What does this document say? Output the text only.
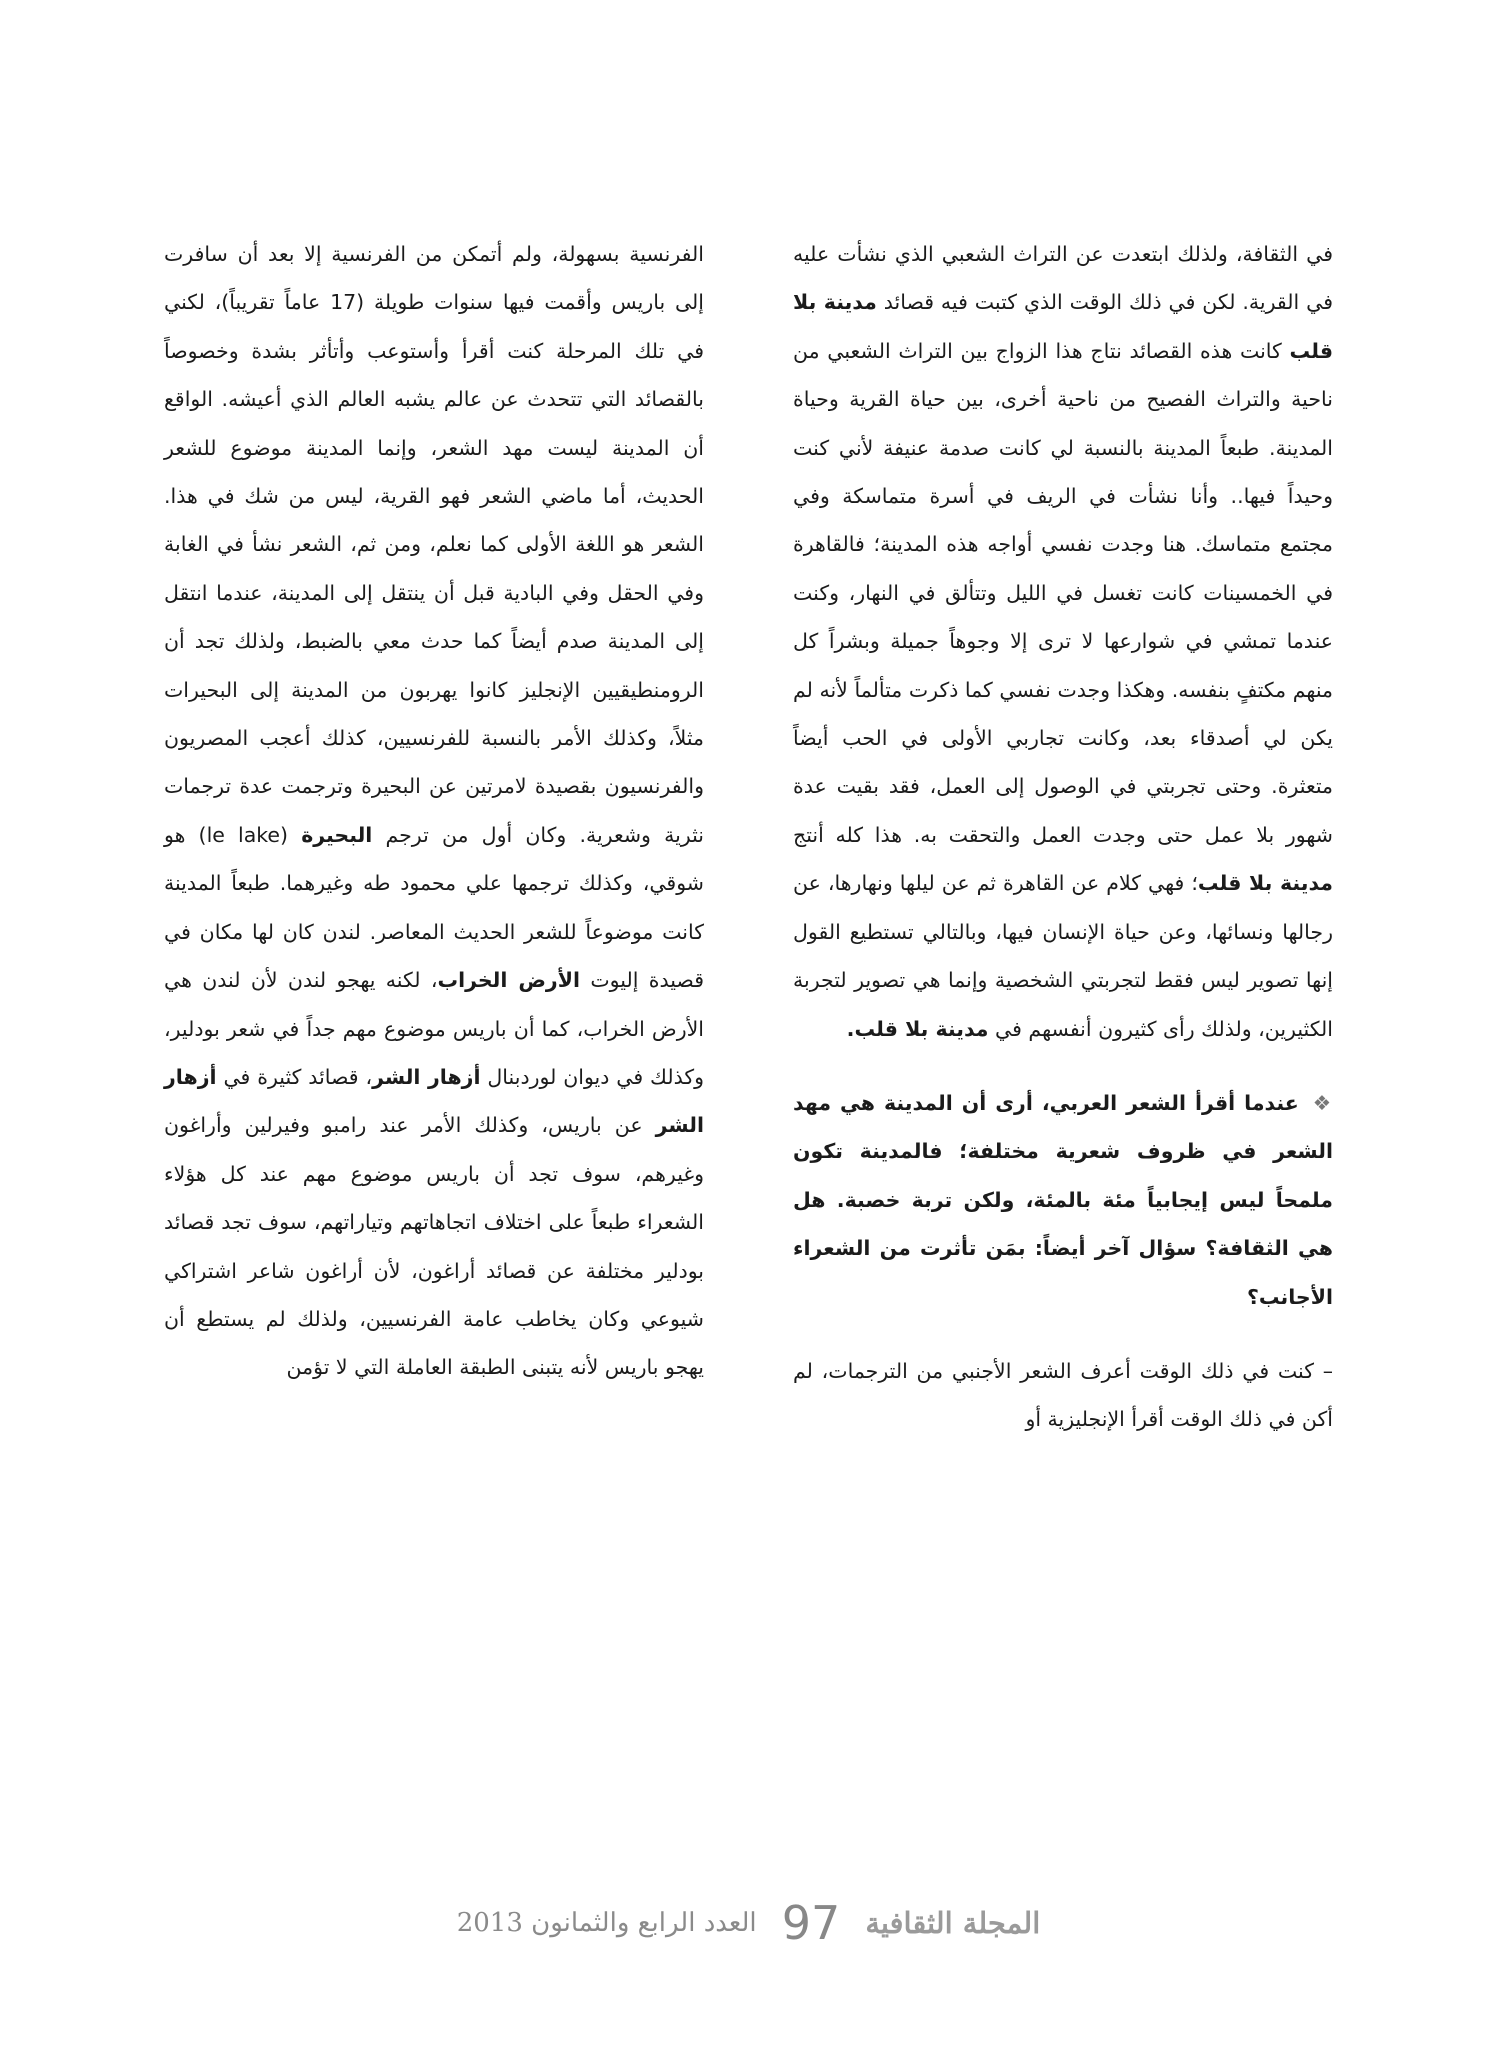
في الثقافة، ولذلك ابتعدت عن التراث الشعبي الذي نشأت عليه في القرية. لكن في ذلك الوقت الذي كتبت فيه قصائد مدينة بلا قلب كانت هذه القصائد نتاج هذا الزواج بين التراث الشعبي من ناحية والتراث الفصيح من ناحية أخرى، بين حياة القرية وحياة المدينة. طبعاً المدينة بالنسبة لي كانت صدمة عنيفة لأني كنت وحيداً فيها.. وأنا نشأت في الريف في أسرة متماسكة وفي مجتمع متماسك. هنا وجدت نفسي أواجه هذه المدينة؛ فالقاهرة في الخمسينات كانت تغسل في الليل وتتألق في النهار، وكنت عندما تمشي في شوارعها لا ترى إلا وجوهاً جميلة وبشراً كل منهم مكتفٍ بنفسه. وهكذا وجدت نفسي كما ذكرت متألماً لأنه لم يكن لي أصدقاء بعد، وكانت تجاربي الأولى في الحب أيضاً متعثرة. وحتى تجربتي في الوصول إلى العمل، فقد بقيت عدة شهور بلا عمل حتى وجدت العمل والتحقت به. هذا كله أنتج مدينة بلا قلب؛ فهي كلام عن القاهرة ثم عن ليلها ونهارها، عن رجالها ونسائها، وعن حياة الإنسان فيها، وبالتالي تستطيع القول إنها تصوير ليس فقط لتجربتي الشخصية وإنما هي تصوير لتجربة الكثيرين، ولذلك رأى كثيرون أنفسهم في مدينة بلا قلب.

❖عندما أقرأ الشعر العربي، أرى أن المدينة هي مهد الشعر في ظروف شعرية مختلفة؛ فالمدينة تكون ملمحاً ليس إيجابياً مئة بالمئة، ولكن تربة خصبة. هل هي الثقافة؟ سؤال آخر أيضاً: بمَن تأثرت من الشعراء الأجانب؟

– كنت في ذلك الوقت أعرف الشعر الأجنبي من الترجمات، لم أكن في ذلك الوقت أقرأ الإنجليزية أو

الفرنسية بسهولة، ولم أتمكن من الفرنسية إلا بعد أن سافرت إلى باريس وأقمت فيها سنوات طويلة (17 عاماً تقريباً)، لكني في تلك المرحلة كنت أقرأ وأستوعب وأتأثر بشدة وخصوصاً بالقصائد التي تتحدث عن عالم يشبه العالم الذي أعيشه. الواقع أن المدينة ليست مهد الشعر، وإنما المدينة موضوع للشعر الحديث، أما ماضي الشعر فهو القرية، ليس من شك في هذا. الشعر هو اللغة الأولى كما نعلم، ومن ثم، الشعر نشأ في الغابة وفي الحقل وفي البادية قبل أن ينتقل إلى المدينة، عندما انتقل إلى المدينة صدم أيضاً كما حدث معي بالضبط، ولذلك تجد أن الرومنطيقيين الإنجليز كانوا يهربون من المدينة إلى البحيرات مثلاً، وكذلك الأمر بالنسبة للفرنسيين، كذلك أعجب المصريون والفرنسيون بقصيدة لامرتين عن البحيرة وترجمت عدة ترجمات نثرية وشعرية. وكان أول من ترجم البحيرة (le lake) هو شوقي، وكذلك ترجمها علي محمود طه وغيرهما. طبعاً المدينة كانت موضوعاً للشعر الحديث المعاصر. لندن كان لها مكان في قصيدة إليوت الأرض الخراب، لكنه يهجو لندن لأن لندن هي الأرض الخراب، كما أن باريس موضوع مهم جداً في شعر بودلير، وكذلك في ديوان لوردبنال أزهار الشر، قصائد كثيرة في أزهار الشر عن باريس، وكذلك الأمر عند رامبو وفيرلين وأراغون وغيرهم، سوف تجد أن باريس موضوع مهم عند كل هؤلاء الشعراء طبعاً على اختلاف اتجاهاتهم وتياراتهم، سوف تجد قصائد بودلير مختلفة عن قصائد أراغون، لأن أراغون شاعر اشتراكي شيوعي وكان يخاطب عامة الفرنسيين، ولذلك لم يستطع أن يهجو باريس لأنه يتبنى الطبقة العاملة التي لا تؤمن

المجلة الثقافية 97 العدد الرابع والثمانون 2013
